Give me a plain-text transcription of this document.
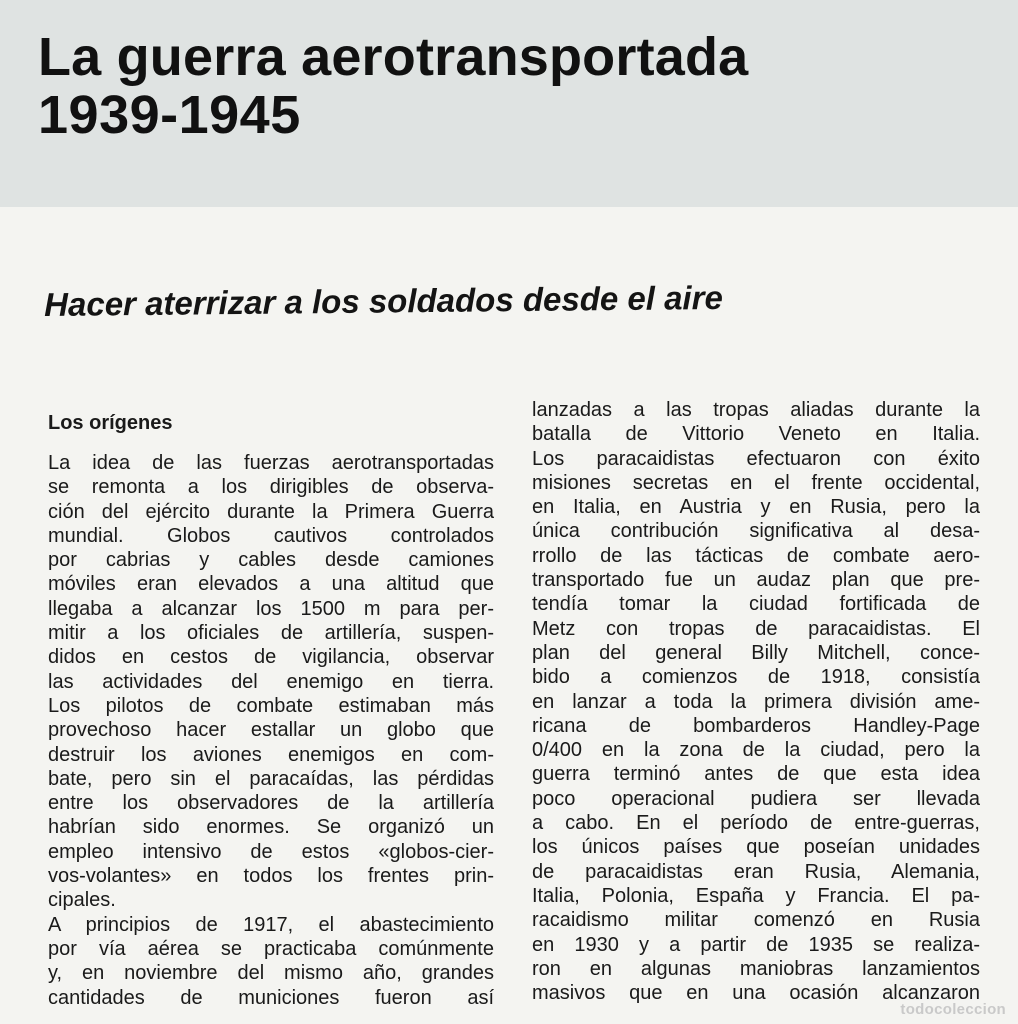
La guerra aerotransportada
1939-1945
Hacer aterrizar a los soldados desde el aire
Los orígenes
La idea de las fuerzas aerotransportadas
se remonta a los dirigibles de observa-
ción del ejército durante la Primera Guerra
mundial. Globos cautivos controlados
por cabrias y cables desde camiones
móviles eran elevados a una altitud que
llegaba a alcanzar los 1500 m para per-
mitir a los oficiales de artillería, suspen-
didos en cestos de vigilancia, observar
las actividades del enemigo en tierra.
Los pilotos de combate estimaban más
provechoso hacer estallar un globo que
destruir los aviones enemigos en com-
bate, pero sin el paracaídas, las pérdidas
entre los observadores de la artillería
habrían sido enormes. Se organizó un
empleo intensivo de estos «globos-cier-
vos-volantes» en todos los frentes prin-
cipales.
A principios de 1917, el abastecimiento
por vía aérea se practicaba comúnmente
y, en noviembre del mismo año, grandes
cantidades de municiones fueron así
lanzadas a las tropas aliadas durante la
batalla de Vittorio Veneto en Italia.
Los paracaidistas efectuaron con éxito
misiones secretas en el frente occidental,
en Italia, en Austria y en Rusia, pero la
única contribución significativa al desa-
rrollo de las tácticas de combate aero-
transportado fue un audaz plan que pre-
tendía tomar la ciudad fortificada de
Metz con tropas de paracaidistas. El
plan del general Billy Mitchell, conce-
bido a comienzos de 1918, consistía
en lanzar a toda la primera división ame-
ricana de bombarderos Handley-Page
0/400 en la zona de la ciudad, pero la
guerra terminó antes de que esta idea
poco operacional pudiera ser llevada
a cabo. En el período de entre-guerras,
los únicos países que poseían unidades
de paracaidistas eran Rusia, Alemania,
Italia, Polonia, España y Francia. El pa-
racaidismo militar comenzó en Rusia
en 1930 y a partir de 1935 se realiza-
ron en algunas maniobras lanzamientos
masivos que en una ocasión alcanzaron
todocoleccion
